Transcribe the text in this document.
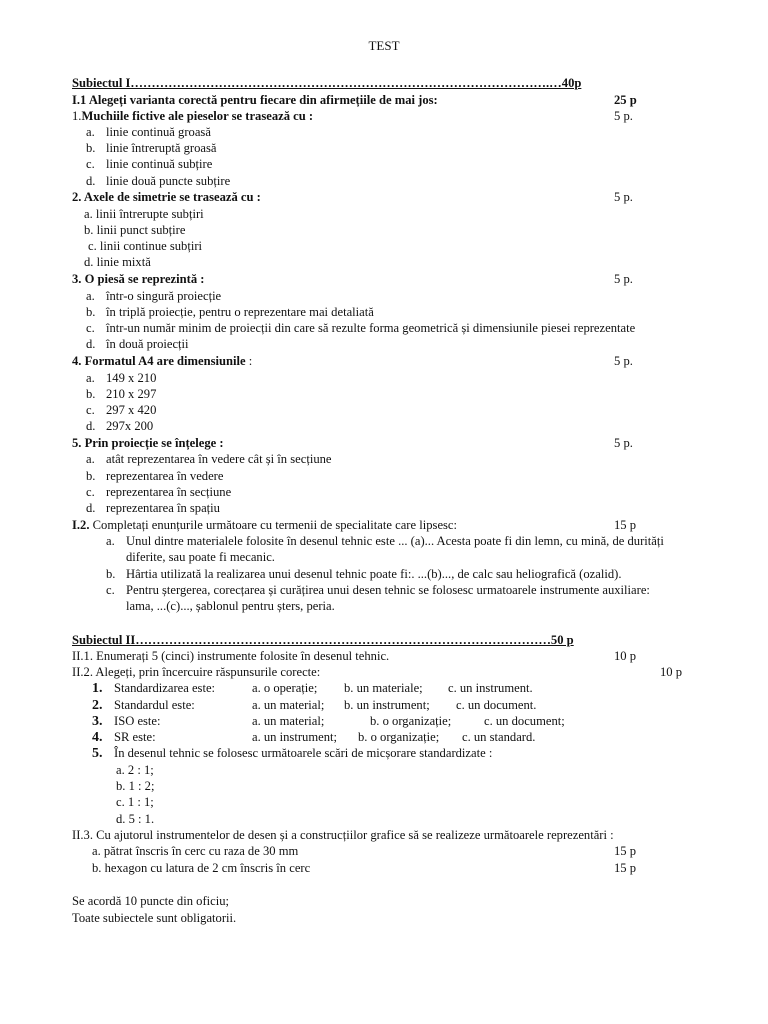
TEST
Subiectul I……………………………………………………………………………………….…40p
I.1 Alegeți varianta corectă pentru fiecare din afirmețiile de mai jos:	25 p
1.Muchiile fictive ale pieselor se trasează cu :	5 p.
a. linie continuă groasă
b. linie întreruptă groasă
c. linie continuă subțire
d. linie două puncte subțire
2. Axele de simetrie se trasează cu :	5 p.
a. linii întrerupte subțiri
b. linii punct subțire
c. linii continue subțiri
d. linie mixtă
3. O piesă se reprezintă :	5 p.
a. într-o singură proiecție
b. în triplă proiecție, pentru o reprezentare mai detaliată
c. într-un număr minim de proiecții din care să rezulte forma geometrică și dimensiunile piesei reprezentate
d. în două proiecții
4. Formatul A4 are dimensiunile :	5 p.
a. 149 x 210
b. 210 x 297
c. 297 x 420
d. 297x 200
5. Prin proiecție se înțelege :	5 p.
a. atât reprezentarea în vedere cât și în secțiune
b. reprezentarea în vedere
c. reprezentarea în secțiune
d. reprezentarea în spațiu
I.2. Completați enunțurile următoare cu termenii de specialitate care lipsesc:	15 p
a. Unul dintre materialele folosite în desenul tehnic este ... (a)... Acesta poate fi din lemn, cu mină, de durități
diferite, sau poate fi mecanic.
b. Hârtia utilizată la realizarea unui desenul tehnic poate fi:. ...(b)..., de calc sau heliografică (ozalid).
c. Pentru ștergerea, corecțarea și curățirea unui desen tehnic se folosesc urmatoarele instrumente auxiliare:
lama, ...(c)..., șablonul pentru șters, peria.
Subiectul II………………………………………………………………………………………50 p
II.1. Enumerați 5 (cinci) instrumente folosite în desenul tehnic.	10 p
II.2. Alegeți, prin încercuire răspunsurile corecte:	10 p
1. Standardizarea este:	a. o operație; b. un materiale; c. un instrument.
2. Standardul este:	a. un material; b. un instrument; c. un document.
3. ISO este:	a. un material;	b. o organizație;	c. un document;
4. SR este:	a. un instrument; b. o organizație; c. un standard.
5. În desenul tehnic se folosesc următoarele scări de micșorare standardizate :
a. 2 : 1;
b. 1 : 2;
c. 1 : 1;
d. 5 : 1.
II.3. Cu ajutorul instrumentelor de desen și a construcțiilor grafice să se realizeze următoarele reprezentări :
a. pătrat înscris în cerc cu raza de 30 mm	15 p
b. hexagon cu latura de 2 cm înscris în cerc	15 p
Se acordă 10 puncte din oficiu;
Toate subiectele sunt obligatorii.
